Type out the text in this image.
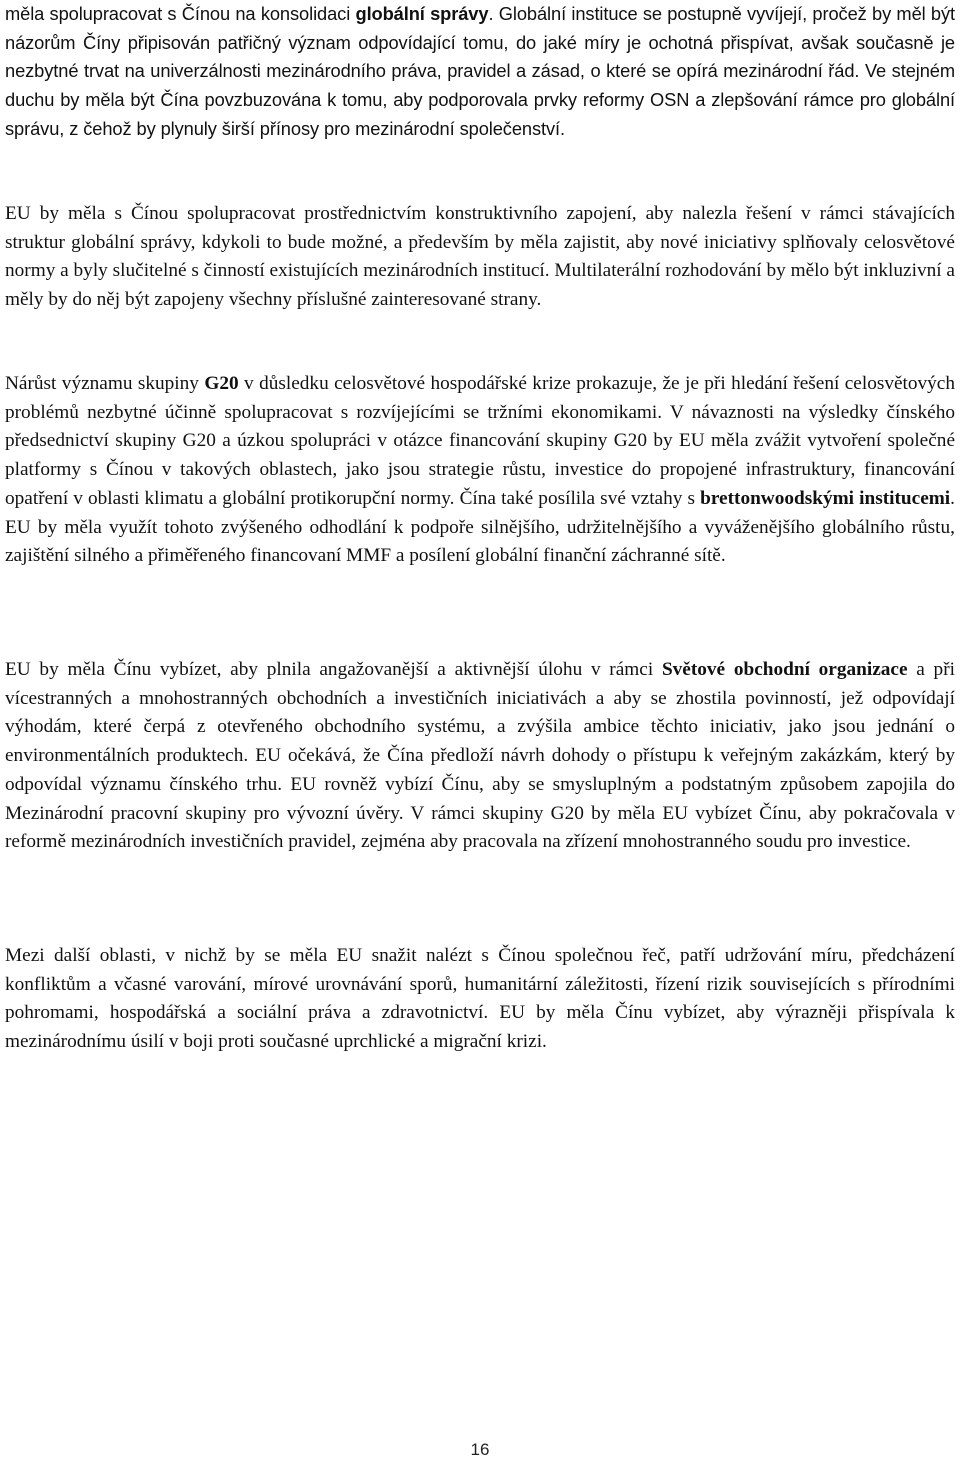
měla spolupracovat s Čínou na konsolidaci globální správy. Globální instituce se postupně vyvíjejí, pročež by měl být názorům Číny připisován patřičný význam odpovídající tomu, do jaké míry je ochotná přispívat, avšak současně je nezbytné trvat na univerzálnosti mezinárodního práva, pravidel a zásad, o které se opírá mezinárodní řád. Ve stejném duchu by měla být Čína povzbuzována k tomu, aby podporovala prvky reformy OSN a zlepšování rámce pro globální správu, z čehož by plynuly širší přínosy pro mezinárodní společenství.

EU by měla s Čínou spolupracovat prostřednictvím konstruktivního zapojení, aby nalezla řešení v rámci stávajících struktur globální správy, kdykoli to bude možné, a především by měla zajistit, aby nové iniciativy splňovaly celosvětové normy a byly slučitelné s činností existujících mezinárodních institucí. Multilaterální rozhodování by mělo být inkluzivní a měly by do něj být zapojeny všechny příslušné zainteresované strany.

Nárůst významu skupiny G20 v důsledku celosvětové hospodářské krize prokazuje, že je při hledání řešení celosvětových problémů nezbytné účinně spolupracovat s rozvíjejícími se tržními ekonomikami. V návaznosti na výsledky čínského předsednictví skupiny G20 a úzkou spolupráci v otázce financování skupiny G20 by EU měla zvážit vytvoření společné platformy s Čínou v takových oblastech, jako jsou strategie růstu, investice do propojené infrastruktury, financování opatření v oblasti klimatu a globální protikorupční normy. Čína také posílila své vztahy s brettonwoodskými institucemi. EU by měla využít tohoto zvýšeného odhodlání k podpoře silnějšího, udržitelnějšího a vyváženějšího globálního růstu, zajištění silného a přiměřeného financovaní MMF a posílení globální finanční záchranné sítě.

EU by měla Čínu vybízet, aby plnila angažovanější a aktivnější úlohu v rámci Světové obchodní organizace a při vícestranných a mnohostranných obchodních a investičních iniciativách a aby se zhostila povinností, jež odpovídají výhodám, které čerpá z otevřeného obchodního systému, a zvýšila ambice těchto iniciativ, jako jsou jednání o environmentálních produktech. EU očekává, že Čína předloží návrh dohody o přístupu k veřejným zakázkám, který by odpovídal významu čínského trhu. EU rovněž vybízí Čínu, aby se smysluplným a podstatným způsobem zapojila do Mezinárodní pracovní skupiny pro vývozní úvěry. V rámci skupiny G20 by měla EU vybízet Čínu, aby pokračovala v reformě mezinárodních investičních pravidel, zejména aby pracovala na zřízení mnohostranného soudu pro investice.

Mezi další oblasti, v nichž by se měla EU snažit nalézt s Čínou společnou řeč, patří udržování míru, předcházení konfliktům a včasné varování, mírové urovnávání sporů, humanitární záležitosti, řízení rizik souvisejících s přírodními pohromami, hospodářská a sociální práva a zdravotnictví. EU by měla Čínu vybízet, aby výrazněji přispívala k mezinárodnímu úsilí v boji proti současné uprchlické a migrační krizi.

16
